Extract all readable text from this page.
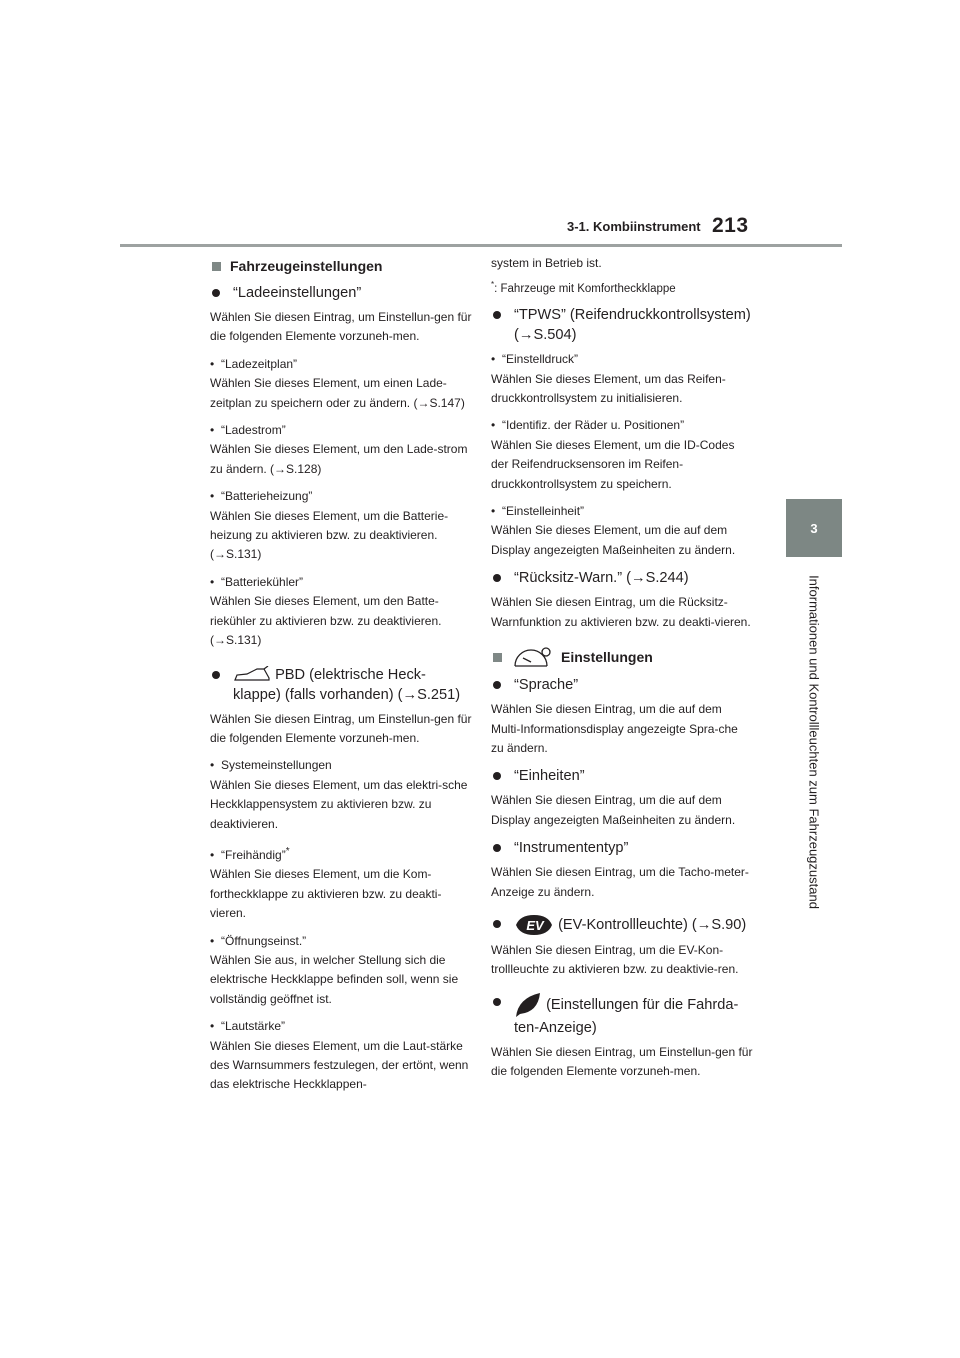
3-1. Kombiinstrument 213
3
Informationen und Kontrollleuchten zum Fahrzeugzustand
Fahrzeugeinstellungen
“Ladeeinstellungen”
Wählen Sie diesen Eintrag, um Einstellun-gen für die folgenden Elemente vorzuneh-men.
• “Ladezeitplan”
Wählen Sie dieses Element, um einen Lade-zeitplan zu speichern oder zu ändern. (→S.147)
• “Ladestrom”
Wählen Sie dieses Element, um den Lade-strom zu ändern. (→S.128)
• “Batterieheizung”
Wählen Sie dieses Element, um die Batterie-heizung zu aktivieren bzw. zu deaktivieren. (→S.131)
• “Batteriekühler”
Wählen Sie dieses Element, um den Batte-riekühler zu aktivieren bzw. zu deaktivieren. (→S.131)
PBD (elektrische Heck-klappe) (falls vorhanden) (→S.251)
Wählen Sie diesen Eintrag, um Einstellun-gen für die folgenden Elemente vorzuneh-men.
• Systemeinstellungen
Wählen Sie dieses Element, um das elektri-sche Heckklappensystem zu aktivieren bzw. zu deaktivieren.
• “Freihändig”*
Wählen Sie dieses Element, um die Kom-fortheckklappe zu aktivieren bzw. zu deakti-vieren.
• “Öffnungseinst.”
Wählen Sie aus, in welcher Stellung sich die elektrische Heckklappe befinden soll, wenn sie vollständig geöffnet ist.
• “Lautstärke”
Wählen Sie dieses Element, um die Laut-stärke des Warnsummers festzulegen, der ertönt, wenn das elektrische Heckklappen-
system in Betrieb ist.
*: Fahrzeuge mit Komfortheckklappe
“TPWS” (Reifendruckkontrollsystem) (→S.504)
• “Einstelldruck”
Wählen Sie dieses Element, um das Reifen-druckkontrollsystem zu initialisieren.
• “Identifiz. der Räder u. Positionen”
Wählen Sie dieses Element, um die ID-Codes der Reifendrucksensoren im Reifen-druckkontrollsystem zu speichern.
• “Einstelleinheit”
Wählen Sie dieses Element, um die auf dem Display angezeigten Maßeinheiten zu ändern.
“Rücksitz-Warn.” (→S.244)
Wählen Sie diesen Eintrag, um die Rücksitz-Warnfunktion zu aktivieren bzw. zu deakti-vieren.
Einstellungen
“Sprache”
Wählen Sie diesen Eintrag, um die auf dem Multi-Informationsdisplay angezeigte Spra-che zu ändern.
“Einheiten”
Wählen Sie diesen Eintrag, um die auf dem Display angezeigten Maßeinheiten zu ändern.
“Instrumententyp”
Wählen Sie diesen Eintrag, um die Tacho-meter-Anzeige zu ändern.
EV (EV-Kontrollleuchte) (→S.90)
Wählen Sie diesen Eintrag, um die EV-Kon-trollleuchte zu aktivieren bzw. zu deaktivie-ren.
(Einstellungen für die Fahrda-ten-Anzeige)
Wählen Sie diesen Eintrag, um Einstellun-gen für die folgenden Elemente vorzuneh-men.
